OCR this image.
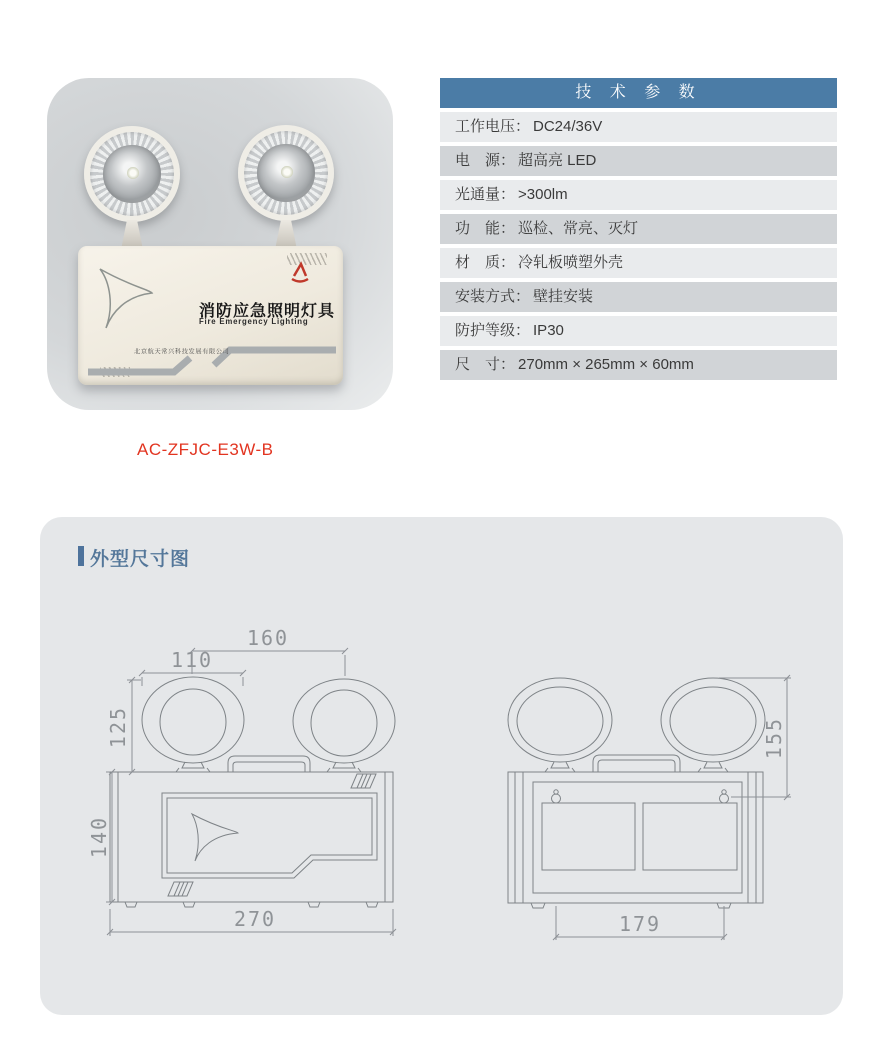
消防应急照明灯具
Fire Emergency Lighting
北京航天常兴科技发展有限公司
AC-ZFJC-E3W-B
技 术 参 数
工作电压： DC24/36V
电　源： 超高亮 LED
光通量： >300lm
功　能： 巡检、常亮、灭灯
材　质： 冷轧板喷塑外壳
安装方式： 壁挂安装
防护等级： IP30
尺　寸： 270mm × 265mm × 60mm
外型尺寸图
160
110
125
140
270
155
179
